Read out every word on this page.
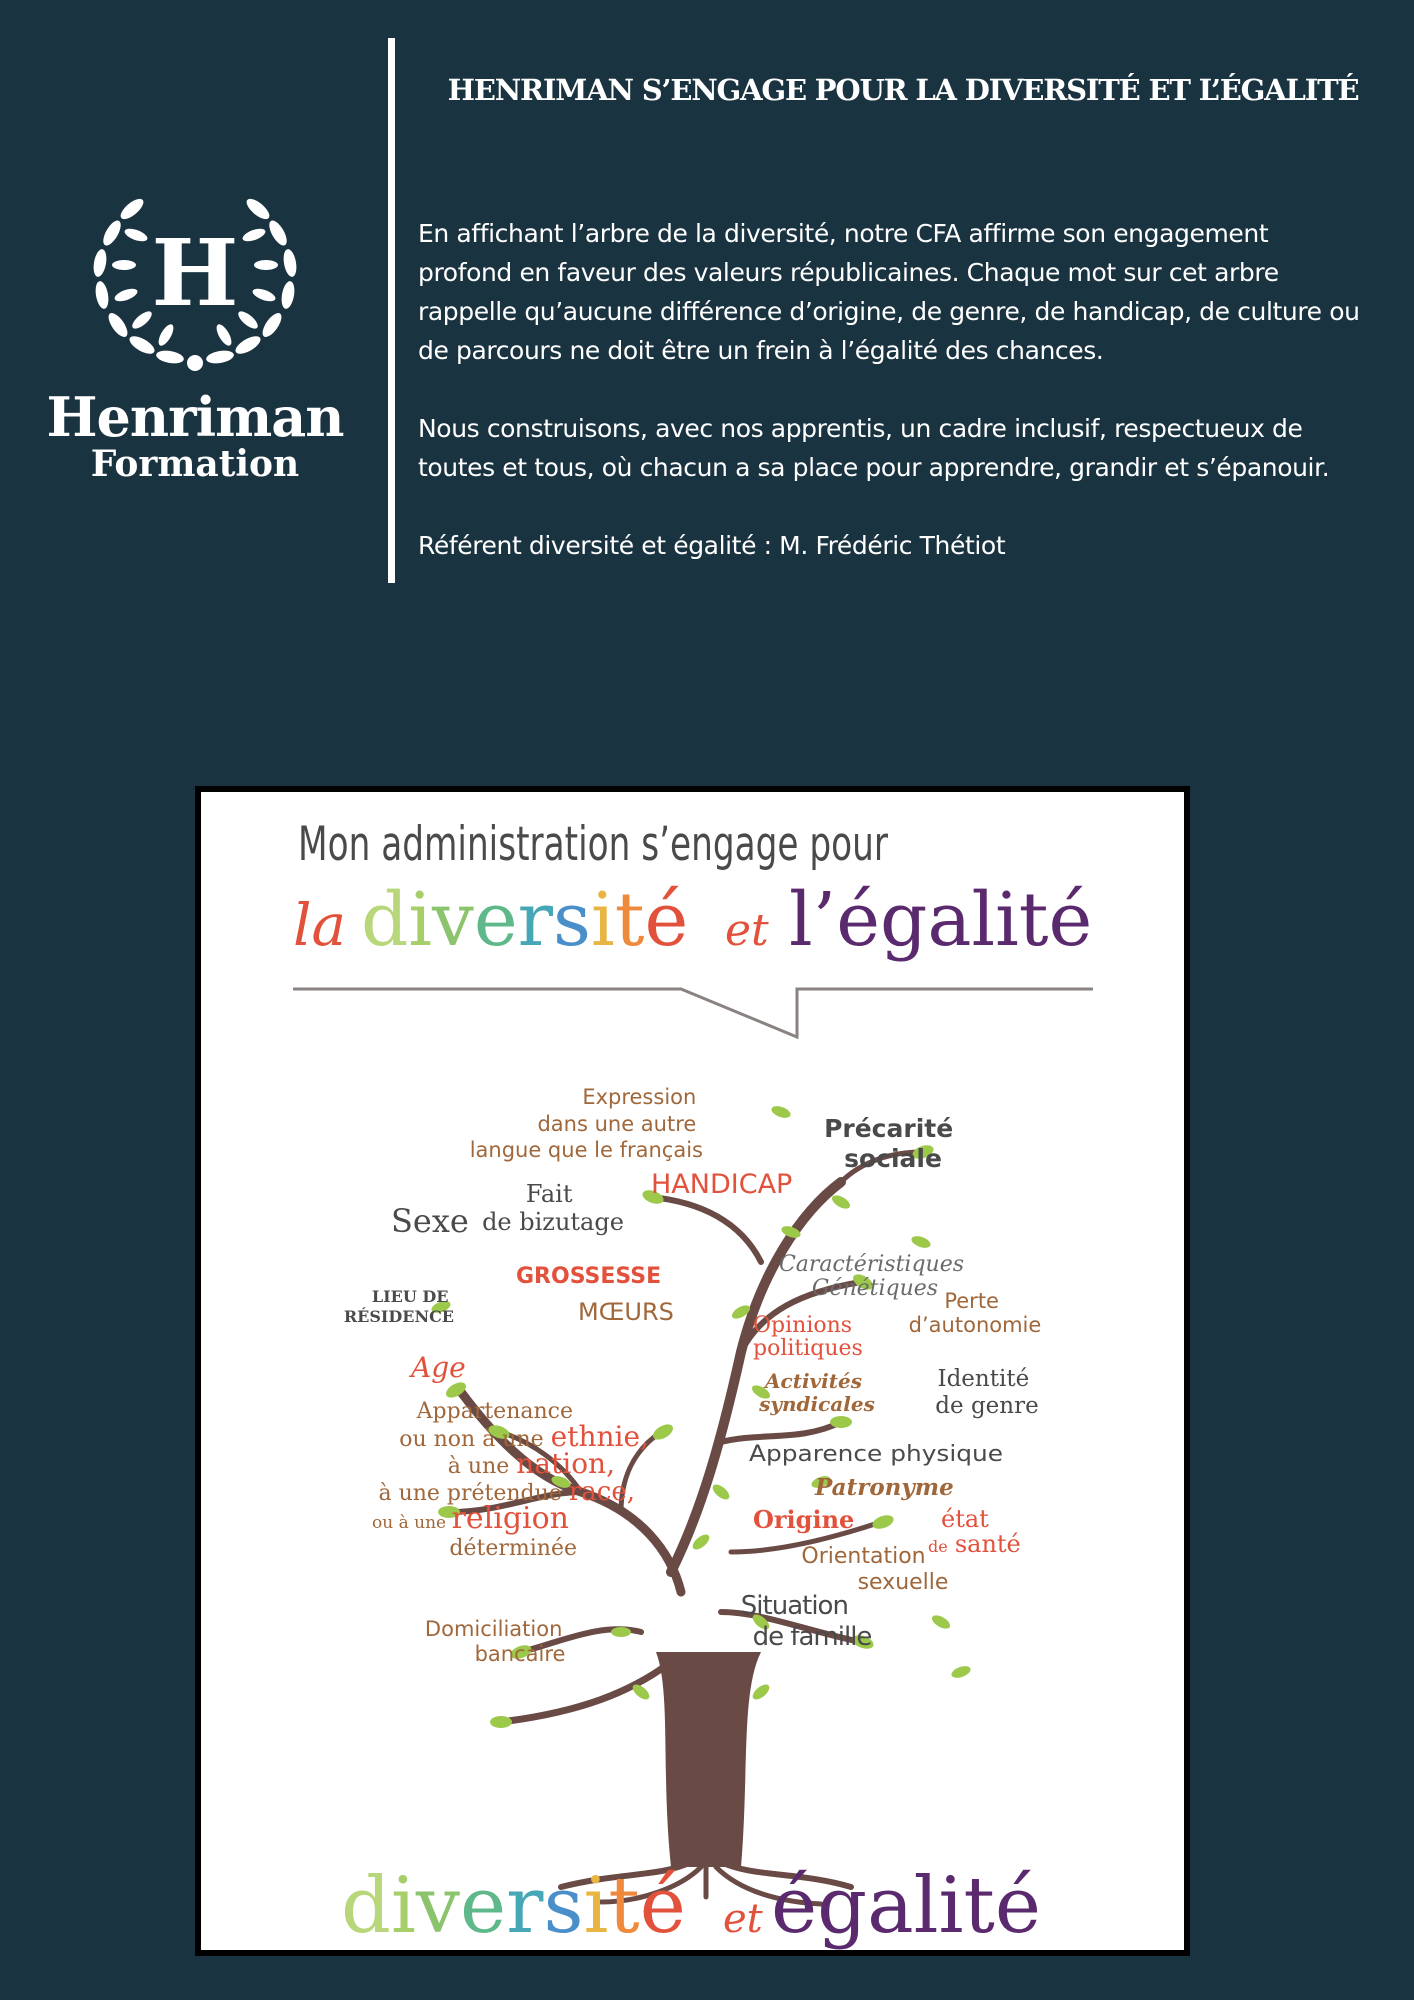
H
Henriman
Formation
HENRIMAN S’ENGAGE POUR LA DIVERSITÉ ET L’ÉGALITÉ

En affichant l’arbre de la diversité, notre CFA affirme son engagement profond en faveur des valeurs républicaines. Chaque mot sur cet arbre rappelle qu’aucune différence d’origine, de genre, de handicap, de culture ou de parcours ne doit être un frein à l’égalité des chances.

Nous construisons, avec nos apprentis, un cadre inclusif, respectueux de toutes et tous, où chacun a sa place pour apprendre, grandir et s’épanouir.

Référent diversité et égalité : M. Frédéric Thétiot

Mon administration s’engage pour
la diversité et l’égalité
Expression dans une autre langue que le français
Précarité sociale
HANDICAP
Fait de bizutage
Sexe
GROSSESSE	Caractéristiques Génétiques
LIEU DE RÉSIDENCE	MŒURS	Perte d’autonomie
Opinions politiques
Age	Activités syndicales
Identité de genre
Appartenance
ou non à une ethnie,
à une nation,
à une prétendue race,
ou à une religion
déterminée
Apparence physique
Patronyme
Origine	état de santé
Orientation sexuelle
Situation de famille
Domiciliation bancaire
diversité et égalité
